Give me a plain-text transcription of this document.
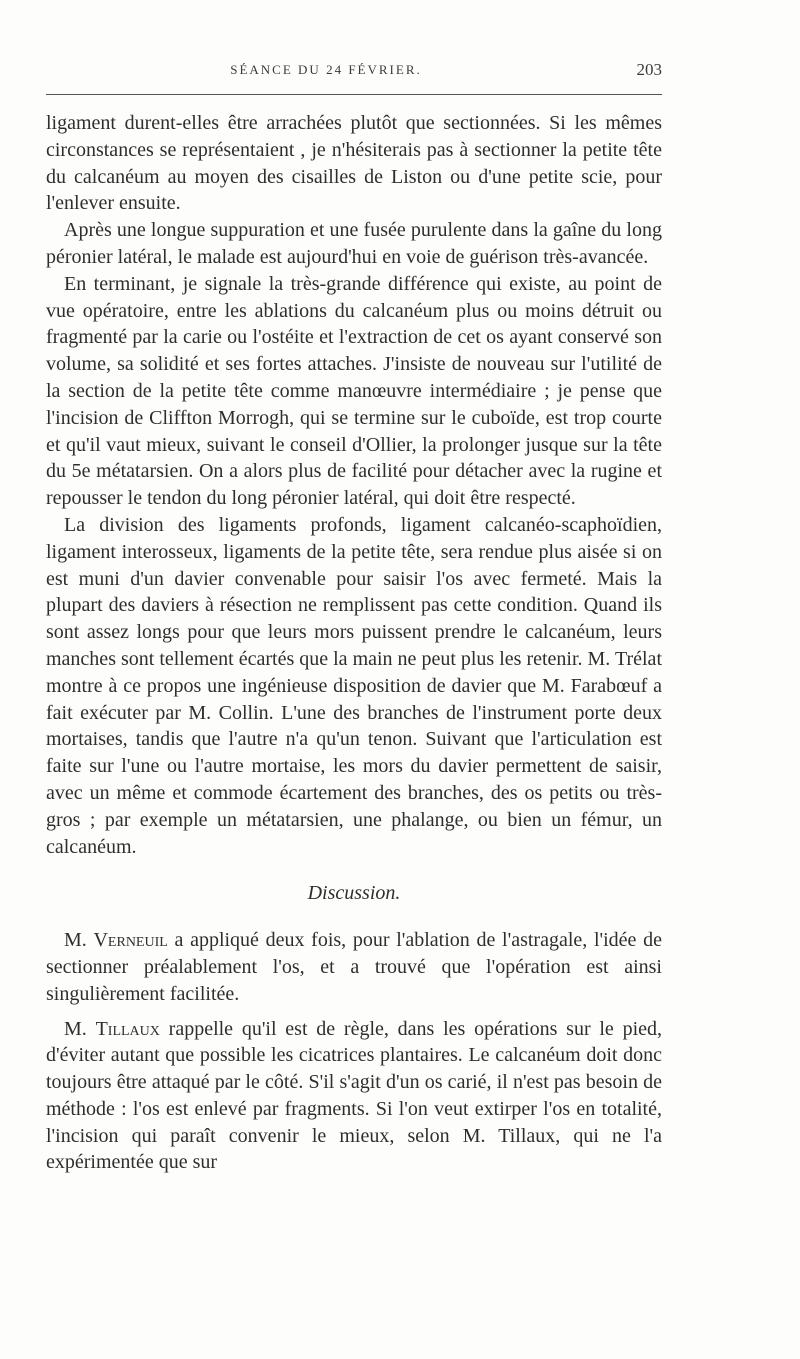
SÉANCE DU 24 FÉVRIER.	203

ligament durent-elles être arrachées plutôt que sectionnées. Si les mêmes circonstances se représentaient , je n'hésiterais pas à sectionner la petite tête du calcanéum au moyen des cisailles de Liston ou d'une petite scie, pour l'enlever ensuite.

Après une longue suppuration et une fusée purulente dans la gaîne du long péronier latéral, le malade est aujourd'hui en voie de guérison très-avancée.

En terminant, je signale la très-grande différence qui existe, au point de vue opératoire, entre les ablations du calcanéum plus ou moins détruit ou fragmenté par la carie ou l'ostéite et l'extraction de cet os ayant conservé son volume, sa solidité et ses fortes attaches. J'insiste de nouveau sur l'utilité de la section de la petite tête comme manœuvre intermédiaire ; je pense que l'incision de Cliffton Morrogh, qui se termine sur le cuboïde, est trop courte et qu'il vaut mieux, suivant le conseil d'Ollier, la prolonger jusque sur la tête du 5e métatarsien. On a alors plus de facilité pour détacher avec la rugine et repousser le tendon du long péronier latéral, qui doit être respecté.

La division des ligaments profonds, ligament calcanéo-scaphoïdien, ligament interosseux, ligaments de la petite tête, sera rendue plus aisée si on est muni d'un davier convenable pour saisir l'os avec fermeté. Mais la plupart des daviers à résection ne remplissent pas cette condition. Quand ils sont assez longs pour que leurs mors puissent prendre le calcanéum, leurs manches sont tellement écartés que la main ne peut plus les retenir. M. Trélat montre à ce propos une ingénieuse disposition de davier que M. Farabœuf a fait exécuter par M. Collin. L'une des branches de l'instrument porte deux mortaises, tandis que l'autre n'a qu'un tenon. Suivant que l'articulation est faite sur l'une ou l'autre mortaise, les mors du davier permettent de saisir, avec un même et commode écartement des branches, des os petits ou très-gros ; par exemple un métatarsien, une phalange, ou bien un fémur, un calcanéum.

Discussion.

M. Verneuil a appliqué deux fois, pour l'ablation de l'astragale, l'idée de sectionner préalablement l'os, et a trouvé que l'opération est ainsi singulièrement facilitée.

M. Tillaux rappelle qu'il est de règle, dans les opérations sur le pied, d'éviter autant que possible les cicatrices plantaires. Le calcanéum doit donc toujours être attaqué par le côté. S'il s'agit d'un os carié, il n'est pas besoin de méthode : l'os est enlevé par fragments. Si l'on veut extirper l'os en totalité, l'incision qui paraît convenir le mieux, selon M. Tillaux, qui ne l'a expérimentée que sur
